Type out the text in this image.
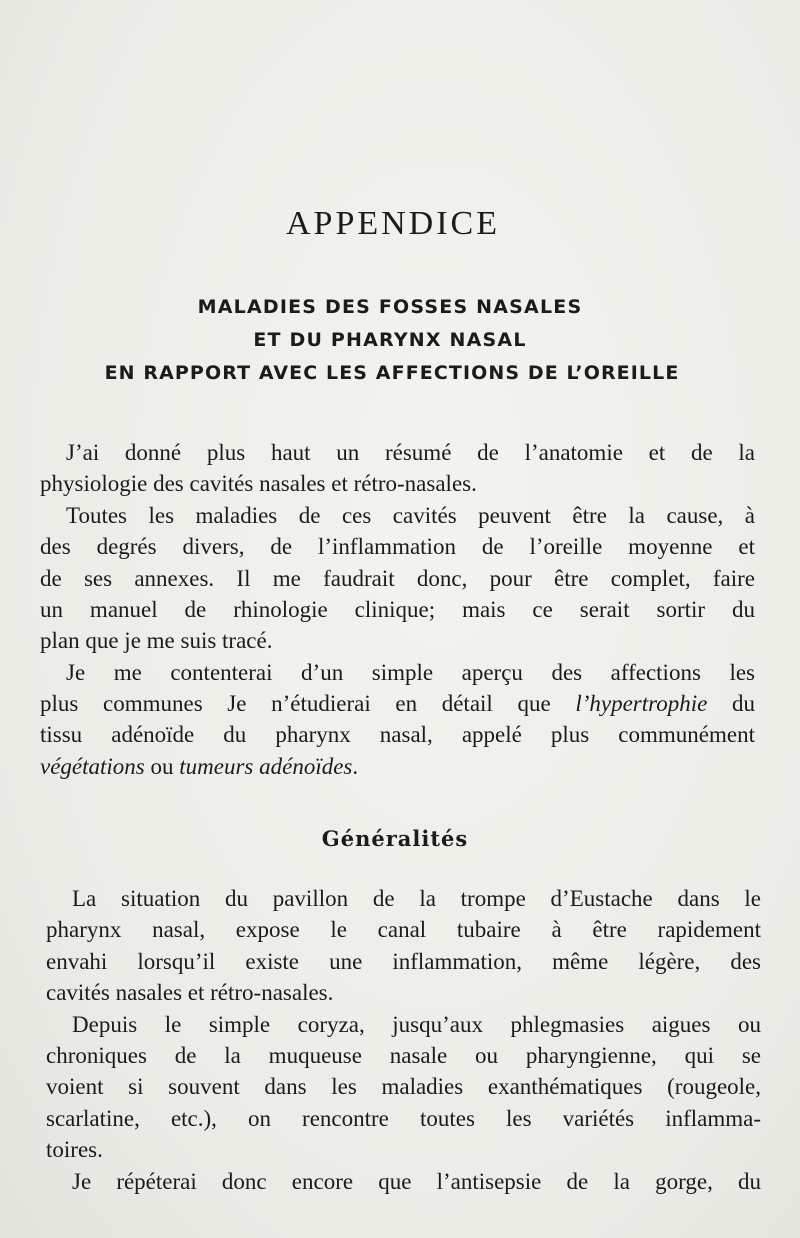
APPENDICE
MALADIES DES FOSSES NASALES
ET DU PHARYNX NASAL
EN RAPPORT AVEC LES AFFECTIONS DE L’OREILLE
J’ai donné plus haut un résumé de l’anatomie et de la
physiologie des cavités nasales et rétro-nasales.
Toutes les maladies de ces cavités peuvent être la cause, à
des degrés divers, de l’inflammation de l’oreille moyenne et
de ses annexes. Il me faudrait donc, pour être complet, faire
un manuel de rhinologie clinique; mais ce serait sortir du
plan que je me suis tracé.
Je me contenterai d’un simple aperçu des affections les
plus communes Je n’étudierai en détail que l’hypertrophie du
tissu adénoïde du pharynx nasal, appelé plus communément
végétations ou tumeurs adénoïdes.
Généralités
La situation du pavillon de la trompe d’Eustache dans le
pharynx nasal, expose le canal tubaire à être rapidement
envahi lorsqu’il existe une inflammation, même légère, des
cavités nasales et rétro-nasales.
Depuis le simple coryza, jusqu’aux phlegmasies aigues ou
chroniques de la muqueuse nasale ou pharyngienne, qui se
voient si souvent dans les maladies exanthématiques (rougeole,
scarlatine, etc.), on rencontre toutes les variétés inflamma-
toires.
Je répéterai donc encore que l’antisepsie de la gorge, du
